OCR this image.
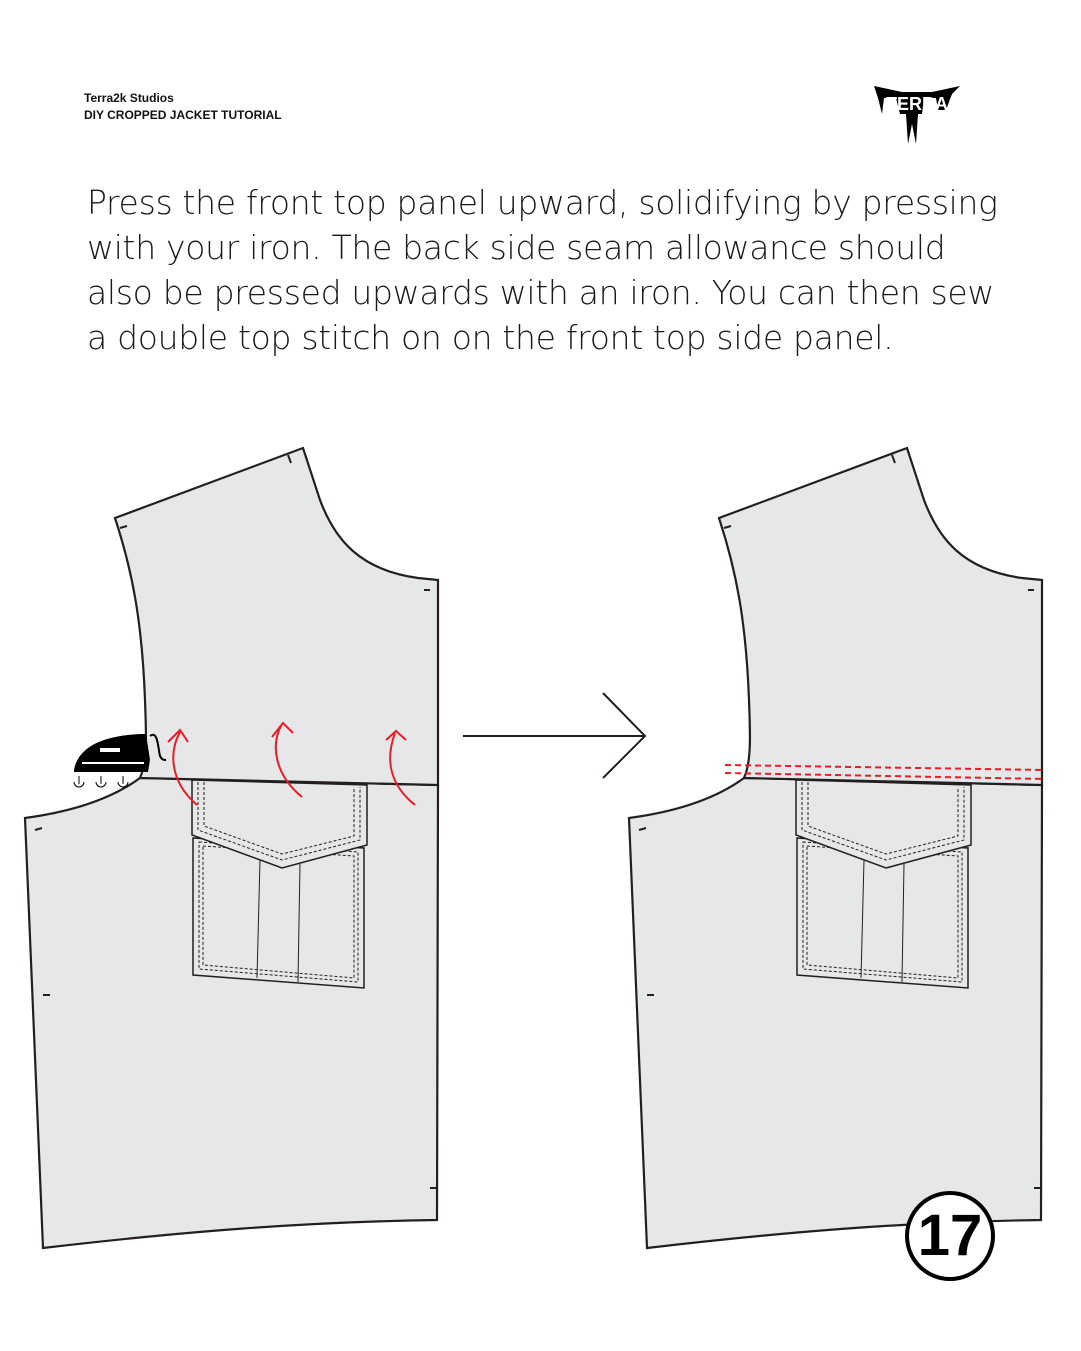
Terra2k Studios
DIY CROPPED JACKET TUTORIAL
TERRA
Press the front top panel upward, solidifying by pressing with your iron. The back side seam allowance should also be pressed upwards with an iron. You can then sew a double top stitch on on the front top side panel.
17
